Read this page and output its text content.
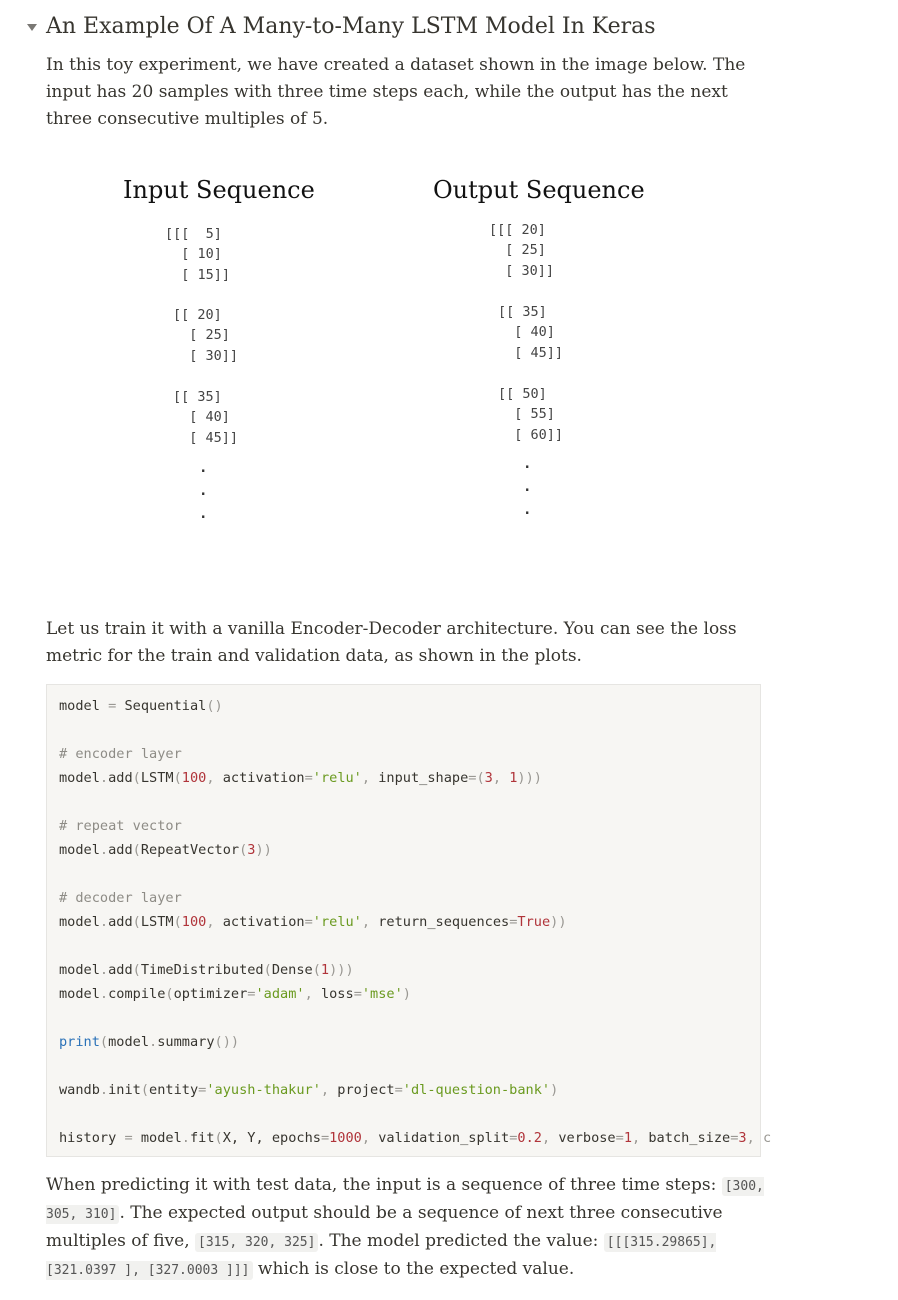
An Example Of A Many-to-Many LSTM Model In Keras

In this toy experiment, we have created a dataset shown in the image below. The input has 20 samples with three time steps each, while the output has the next three consecutive multiples of 5.

Input Sequence	Output Sequence
[[[  5]
[ 10]
[ 15]]
[[ 20]
[ 25]
[ 30]]
[[ 35]
[ 40]
[ 45]]
.
.
.
[[[ 20]
[ 25]
[ 30]]
[[ 35]
[ 40]
[ 45]]
[[ 50]
[ 55]
[ 60]]
.
.
.

Let us train it with a vanilla Encoder-Decoder architecture. You can see the loss metric for the train and validation data, as shown in the plots.

model = Sequential()

# encoder layer
model.add(LSTM(100, activation='relu', input_shape=(3, 1)))

# repeat vector
model.add(RepeatVector(3))

# decoder layer
model.add(LSTM(100, activation='relu', return_sequences=True))

model.add(TimeDistributed(Dense(1)))
model.compile(optimizer='adam', loss='mse')

print(model.summary())

wandb.init(entity='ayush-thakur', project='dl-question-bank')

history = model.fit(X, Y, epochs=1000, validation_split=0.2, verbose=1, batch_size=3, c

When predicting it with test data, the input is a sequence of three time steps: [300, 305, 310] . The expected output should be a sequence of next three consecutive multiples of five, [315, 320, 325] . The model predicted the value: [[[315.29865], [321.0397 ], [327.0003 ]]] which is close to the expected value.
